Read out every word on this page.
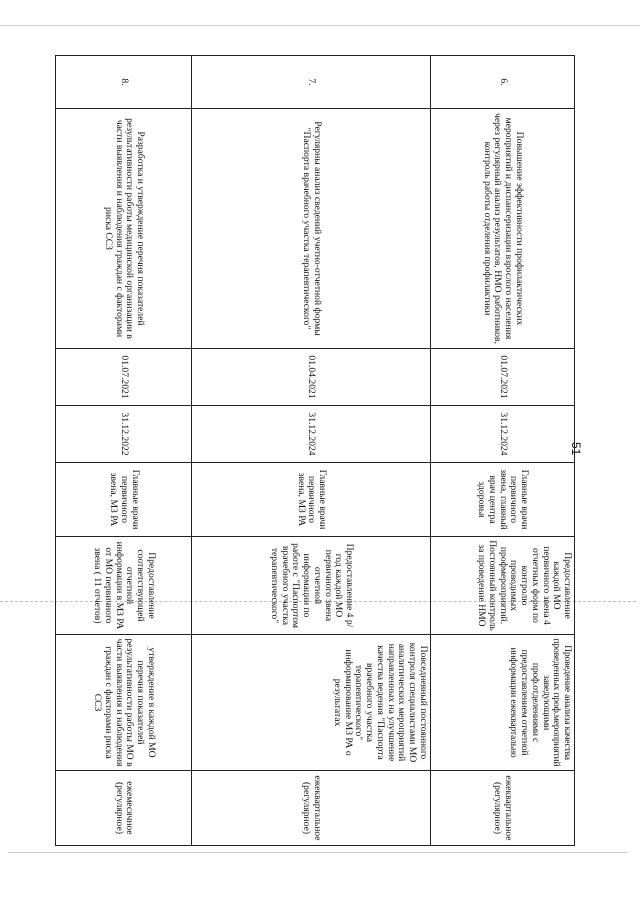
6.	Повышение эффективности профилактических мероприятий и диспансеризации взрослого населения через регулярный анализ результатов, НМО работников, контроль работы отделения профилактики	01.07.2021	31.12.2024	Главные врачи первичного звена, главный врач центра здоровья	Предоставление каждой МО первичного звена 4 отчетных форм по контролю проводимых профмероприятий. Постоянный контроль за проведение НМО	Проведение анализа качества проведенных проф.мероприятий заведующими проф.отделениями с предоставлением отчетной информации ежеквартально	ежеквартальное (регулярное)
7.	Регулярны анализ сведений учетно-отчетной формы "Паспорта врачебного участка терапевтического"	01.04.2021	31.12.2024	Главные врачи первичного звена, МЗ РА	Предоставление 4 р/год каждой МО первичного звена отчетной информации по работе с "Паспортом врачебного участка терапевтического"	Повседневный постоянного контроля специалистами МО аналитических мероприятий направленных на улучшение качества ведения "Паспорта врачебного участка терапевтического" информирование МЗ РА о результатах	ежеквартальное (регулярное)
8.	Разработка и утверждение перечня показателей результативности работы медицинской организации в части выявления и наблюдения граждан с факторами риска ССЗ	01.07.2021	31.12.2022	Главные врачи первичного звена, МЗ РА	Предоставление соответствующей отчетной информации в МЗ РА от МО первичного звена ( 11 отчетов)	утверждение в каждой МО перечня показателей результативности работы МО в части выявления и наблюдения граждан с факторами риска ССЗ	ежемесячное (регулярное)
51
